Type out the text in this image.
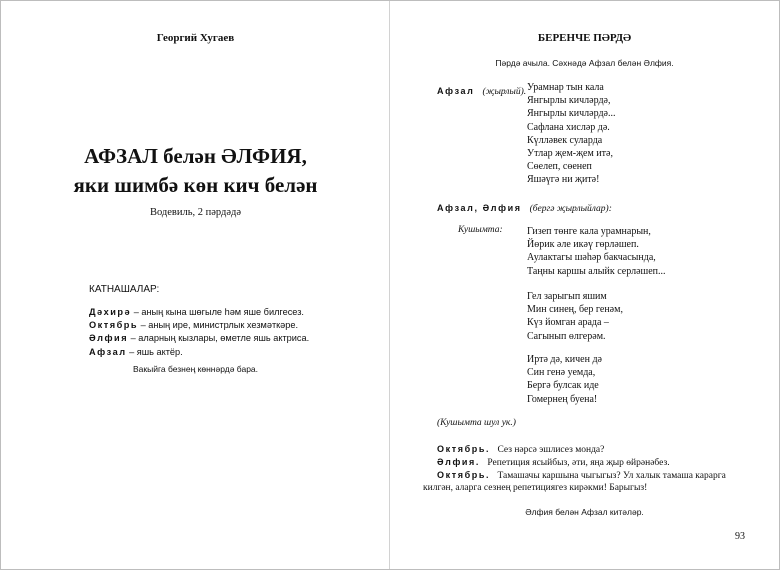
Георгий Хугаев
АФЗАЛ белән ӘЛФИЯ,
яки шимбә көн кич белән
Водевиль, 2 пәрдәдә
КАТНАШАЛАР:
Дәхирә – аның кына шөгыле һәм яше билгесез.
Октябрь – аның ире, министрлык хезмәткәре.
Әлфия – аларның кызлары, өметле яшь актриса.
Афзал – яшь актёр.
Вакыйга безнең көннәрдә бара.
БЕРЕНЧЕ ПӘРДӘ
Пәрдә ачыла. Сәхнәдә Афзал белән Әлфия.
Афзал (җырлый). Урамнар тын кала
Янгырлы кичләрдә,
Янгырлы кичләрдә...
Сафлана хисләр дә.
Күлләвек суларда
Утлар җем-җем итә,
Сөелеп, сөенеп
Яшәүгә ни җитә!
Афзал, Әлфия (бергә җырлыйлар):
Кушымта: Гизеп төнге кала урамнарын,
Йөрик әле икәү гөрләшеп.
Аулактагы шәһәр бакчасында,
Таңны каршы алыйк серләшеп...
Гел зарыгып яшим
Мин синең, бер генәм,
Күз йомган арада –
Сагынып өлгерәм.
Иртә дә, кичен дә
Син генә уемда,
Бергә булсак иде
Гомернең буена!
(Кушымта шул ук.)
Октябрь. Сез нәрсә эшлисез монда?
Әлфия. Репетиция ясыйбыз, әти, яңа җыр өйрәнәбез.
Октябрь. Тамашачы каршына чыгыгыз? Ул халык тамаша карарга
килгән, аларга сезнең репетициягез кирәкми! Барыгыз!
Әлфия белән Афзал китәләр.
93
